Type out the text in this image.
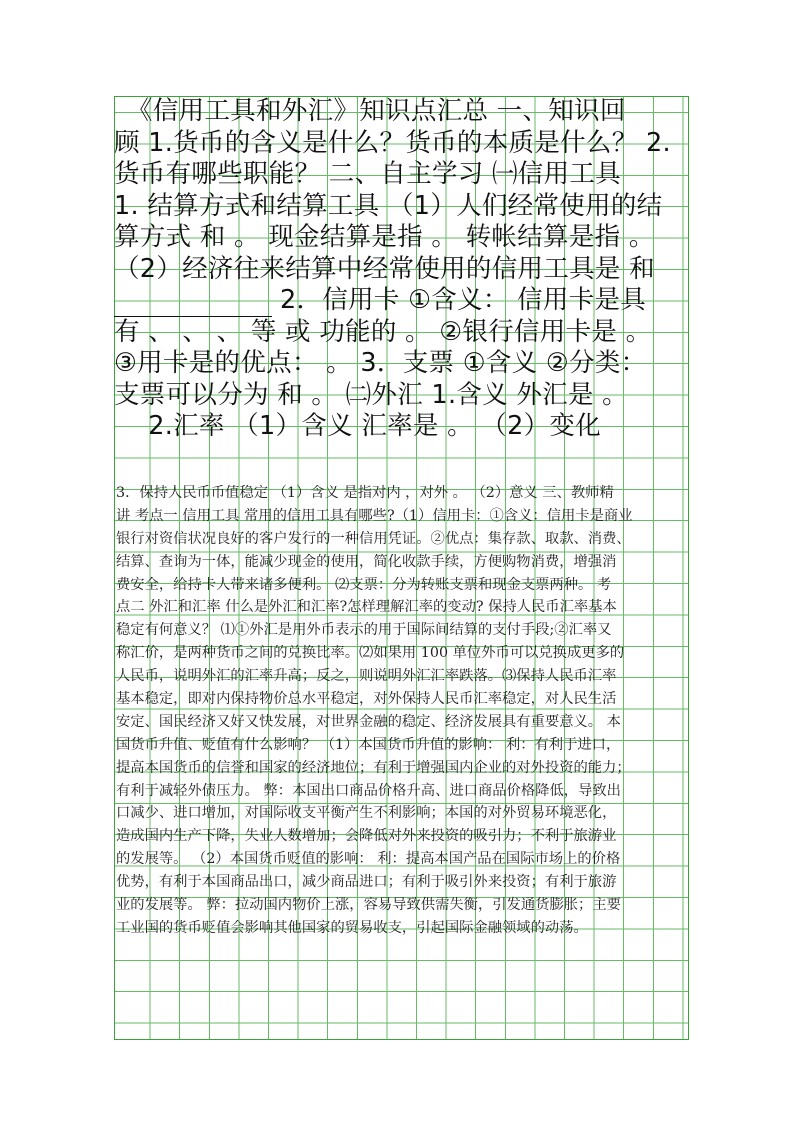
　《信用工具和外汇》知识点汇总 一、知识回
顾 1.货币的含义是什么？货币的本质是什么？ 2.
货币有哪些职能？ 二、自主学习 ㈠信用工具
1. 结算方式和结算工具 （1）人们经常使用的结
算方式 和 。 现金结算是指 。 转帐结算是指 。
（2）经济往来结算中经常使用的信用工具是 和
2．信用卡 ①含义： 信用卡是具
有 、 、 、 等 或 功能的 。 ②银行信用卡是 。
③用卡是的优点： 。 3．支票 ①含义 ②分类：
支票可以分为 和 。 ㈡外汇 1.含义 外汇是 。
　 2.汇率 （1）含义 汇率是 。 （2）变化
3．保持人民币币值稳定 （1）含义 是指对内 ，对外 。 （2）意义 三、教师精
讲 考点一 信用工具 常用的信用工具有哪些?（1）信用卡：①含义：信用卡是商业
银行对资信状况良好的客户发行的一种信用凭证。②优点：集存款、取款、消费、
结算、查询为一体，能减少现金的使用，简化收款手续，方便购物消费，增强消
费安全，给持卡人带来诸多便利。 ⑵支票：分为转账支票和现金支票两种。 考
点二 外汇和汇率 什么是外汇和汇率?怎样理解汇率的变动? 保持人民币汇率基本
稳定有何意义？ ⑴①外汇是用外币表示的用于国际间结算的支付手段;②汇率又
称汇价，是两种货币之间的兑换比率。⑵如果用 100 单位外币可以兑换成更多的
人民币，说明外汇的汇率升高；反之，则说明外汇汇率跌落。⑶保持人民币汇率
基本稳定，即对内保持物价总水平稳定，对外保持人民币汇率稳定，对人民生活
安定、国民经济又好又快发展，对世界金融的稳定、经济发展具有重要意义。 本
国货币升值、贬值有什么影响？ （1）本国货币升值的影响： 利：有利于进口，
提高本国货币的信誉和国家的经济地位；有利于增强国内企业的对外投资的能力；
有利于减轻外债压力。 弊：本国出口商品价格升高、进口商品价格降低，导致出
口减少、进口增加，对国际收支平衡产生不利影响；本国的对外贸易环境恶化，
造成国内生产下降，失业人数增加；会降低对外来投资的吸引力；不利于旅游业
的发展等。 （2）本国货币贬值的影响： 利：提高本国产品在国际市场上的价格
优势，有利于本国商品出口，减少商品进口；有利于吸引外来投资；有利于旅游
业的发展等。 弊：拉动国内物价上涨，容易导致供需失衡，引发通货膨胀；主要
工业国的货币贬值会影响其他国家的贸易收支，引起国际金融领域的动荡。
